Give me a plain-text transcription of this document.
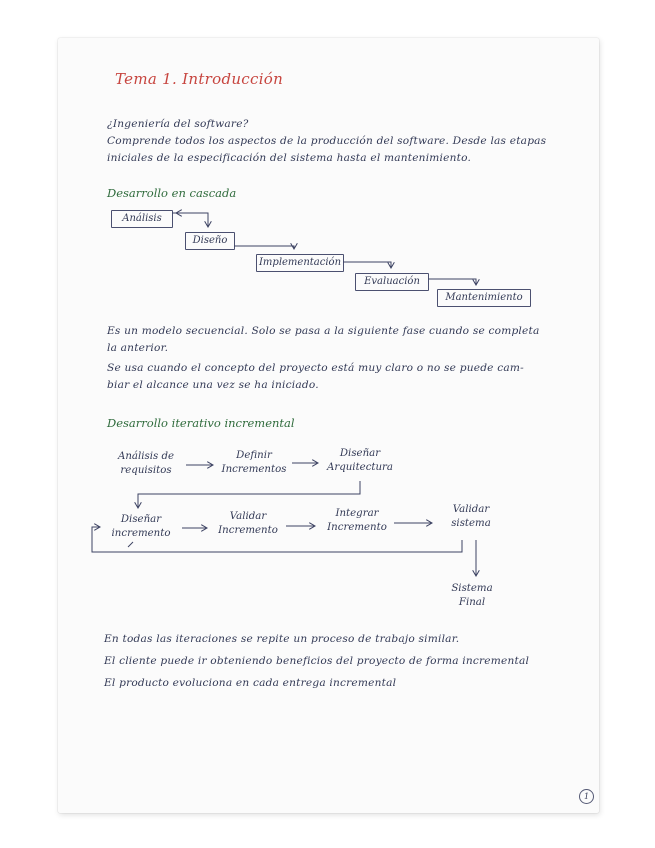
Tema 1. Introducción
¿Ingeniería del software?
Comprende todos los aspectos de la producción del software. Desde las etapas
iniciales de la especificación del sistema hasta el mantenimiento.
Desarrollo en cascada
Análisis
Diseño
Implementación
Evaluación
Mantenimiento
Es un modelo secuencial. Solo se pasa a la siguiente fase cuando se completa
la anterior.
Se usa cuando el concepto del proyecto está muy claro o no se puede cam-
biar el alcance una vez se ha iniciado.
Desarrollo iterativo incremental
Análisis de
requisitos
Definir
Incrementos
Diseñar
Arquitectura
Diseñar
incremento
Validar
Incremento
Integrar
Incremento
Validar
sistema
Sistema
Final
En todas las iteraciones se repite un proceso de trabajo similar.
El cliente puede ir obteniendo beneficios del proyecto de forma incremental
El producto evoluciona en cada entrega incremental
1
